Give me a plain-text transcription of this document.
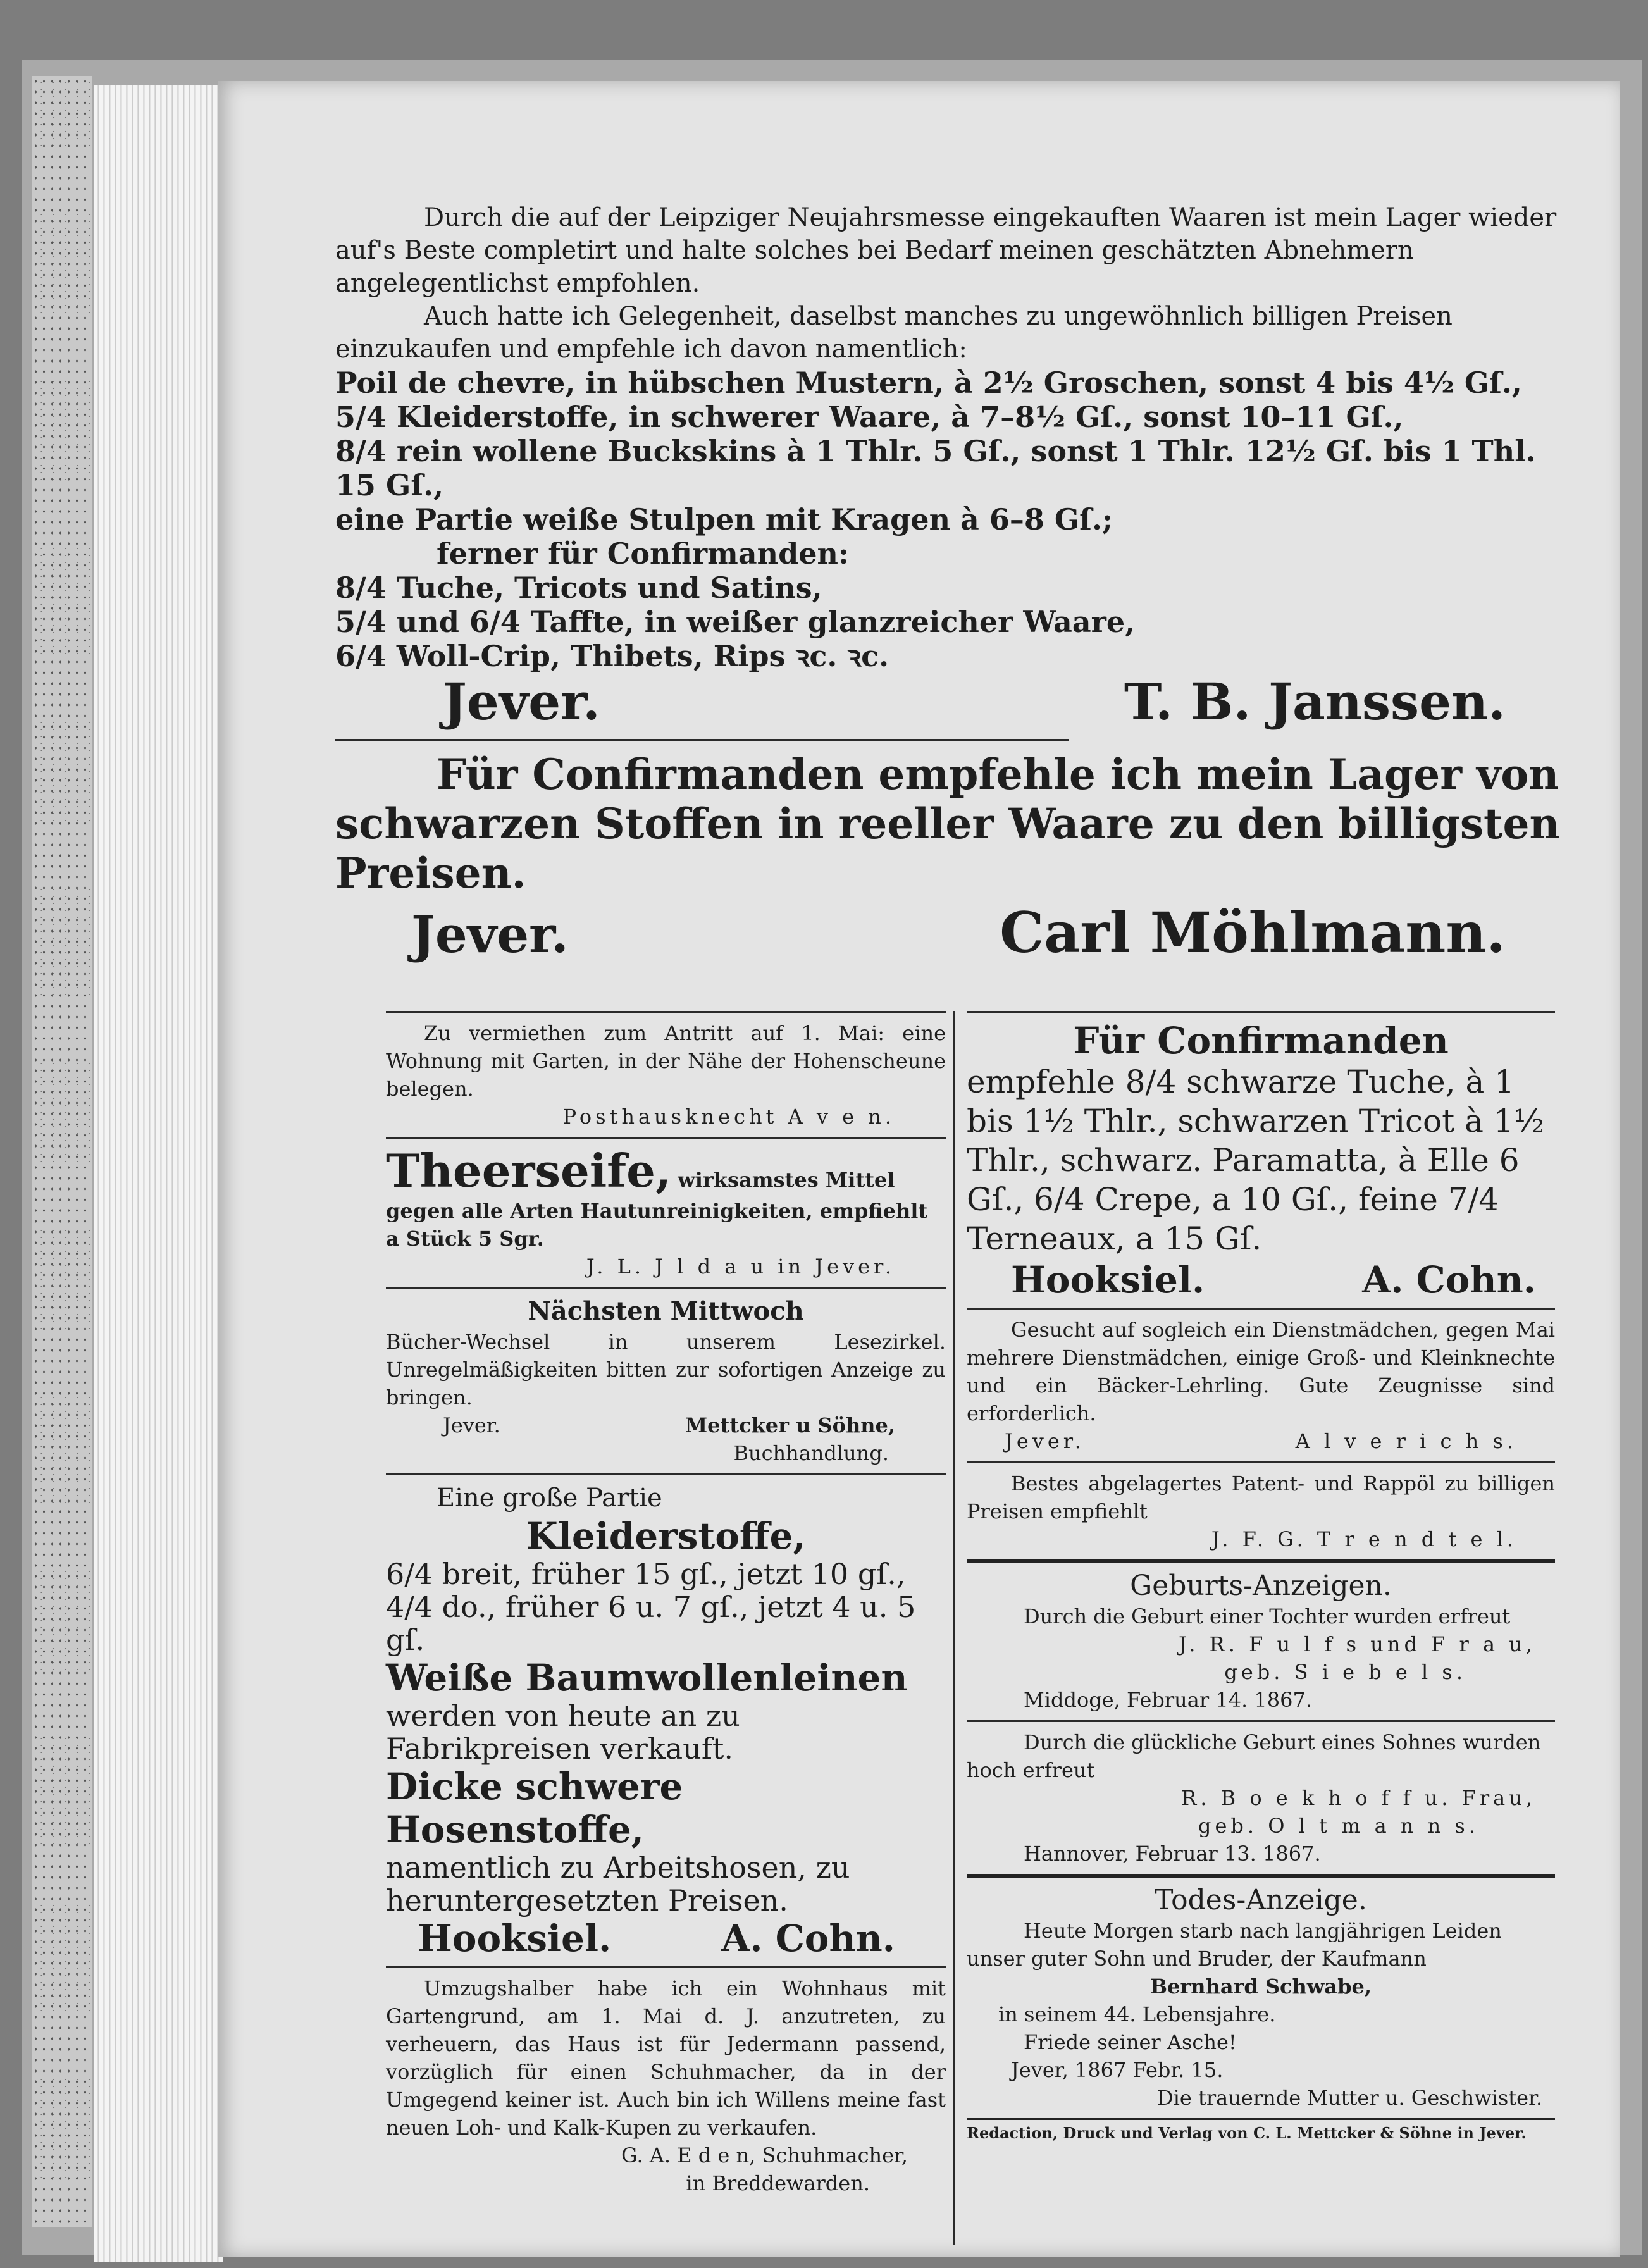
Durch die auf der Leipziger Neujahrsmesse eingekauften Waaren ist mein Lager wieder auf's Beste completirt und halte solches bei Bedarf meinen geschätzten Abnehmern angelegentlichst empfohlen.

Auch hatte ich Gelegenheit, daselbst manches zu ungewöhnlich billigen Preisen einzukaufen und empfehle ich davon namentlich:

Poil de chevre, in hübschen Mustern, à 2½ Groschen, sonst 4 bis 4½ Gſ.,

5/4 Kleiderstoffe, in schwerer Waare, à 7–8½ Gſ., sonst 10–11 Gſ.,

8/4 rein wollene Buckskins à 1 Thlr. 5 Gſ., sonst 1 Thlr. 12½ Gſ. bis 1 Thl. 15 Gſ.,

eine Partie weiße Stulpen mit Kragen à 6–8 Gſ.;

ferner für Confirmanden:

8/4 Tuche, Tricots und Satins,

5/4 und 6/4 Taffte, in weißer glanzreicher Waare,

6/4 Woll-Crip, Thibets, Rips ꝛc. ꝛc.

Jever.	T. B. Janssen.

Für Confirmanden empfehle ich mein Lager von schwarzen Stoffen in reeller Waare zu den billigsten Preisen.

Jever.	Carl Möhlmann.

Zu vermiethen zum Antritt auf 1. Mai: eine Wohnung mit Garten, in der Nähe der Hohenscheune belegen.

Posthausknecht A v e n.

Theerseife, wirksamstes Mittel gegen alle Arten Hautunreinigkeiten, empfiehlt a Stück 5 Sgr.

J. L. J l d a u in Jever.

Nächsten Mittwoch

Bücher-Wechsel in unserem Lesezirkel. Unregelmäßigkeiten bitten zur sofortigen Anzeige zu bringen.

Jever.	Mettcker u Söhne,

Buchhandlung.

Eine große Partie

Kleiderstoffe,

6/4 breit, früher 15 gſ., jetzt 10 gſ.,

4/4 do., früher 6 u. 7 gſ., jetzt 4 u. 5 gſ.

Weiße Baumwollenleinen

werden von heute an zu Fabrikpreisen verkauft.

Dicke schwere Hosenstoffe,

namentlich zu Arbeitshosen, zu heruntergesetzten Preisen.

Hooksiel.	A. Cohn.

Umzugshalber habe ich ein Wohnhaus mit Gartengrund, am 1. Mai d. J. anzutreten, zu verheuern, das Haus ist für Jedermann passend, vorzüglich für einen Schuhmacher, da in der Umgegend keiner ist. Auch bin ich Willens meine fast neuen Loh- und Kalk-Kupen zu verkaufen.

G. A. E d e n, Schuhmacher,

in Breddewarden.

Für Confirmanden

empfehle 8/4 schwarze Tuche, à 1 bis 1½ Thlr., schwarzen Tricot à 1½ Thlr., schwarz. Paramatta, à Elle 6 Gſ., 6/4 Crepe, a 10 Gſ., feine 7/4 Terneaux, a 15 Gſ.

Hooksiel.	A. Cohn.

Gesucht auf sogleich ein Dienstmädchen, gegen Mai mehrere Dienstmädchen, einige Groß- und Kleinknechte und ein Bäcker-Lehrling. Gute Zeugnisse sind erforderlich.

Jever.	A l v e r i c h s.

Bestes abgelagertes Patent- und Rappöl zu billigen Preisen empfiehlt

J. F. G. T r e n d t e l.

Geburts-Anzeigen.

Durch die Geburt einer Tochter wurden erfreut

J. R. F u l f s und F r a u,

geb. S i e b e l s.

Middoge, Februar 14. 1867.

Durch die glückliche Geburt eines Sohnes wurden hoch erfreut

R. B o e k h o f f u. Frau,

geb. O l t m a n n s.

Hannover, Februar 13. 1867.

Todes-Anzeige.

Heute Morgen starb nach langjährigen Leiden unser guter Sohn und Bruder, der Kaufmann

Bernhard Schwabe,

in seinem 44. Lebensjahre.

Friede seiner Asche!

Jever, 1867 Febr. 15.

Die trauernde Mutter u. Geschwister.

Redaction, Druck und Verlag von C. L. Mettcker & Söhne in Jever.
